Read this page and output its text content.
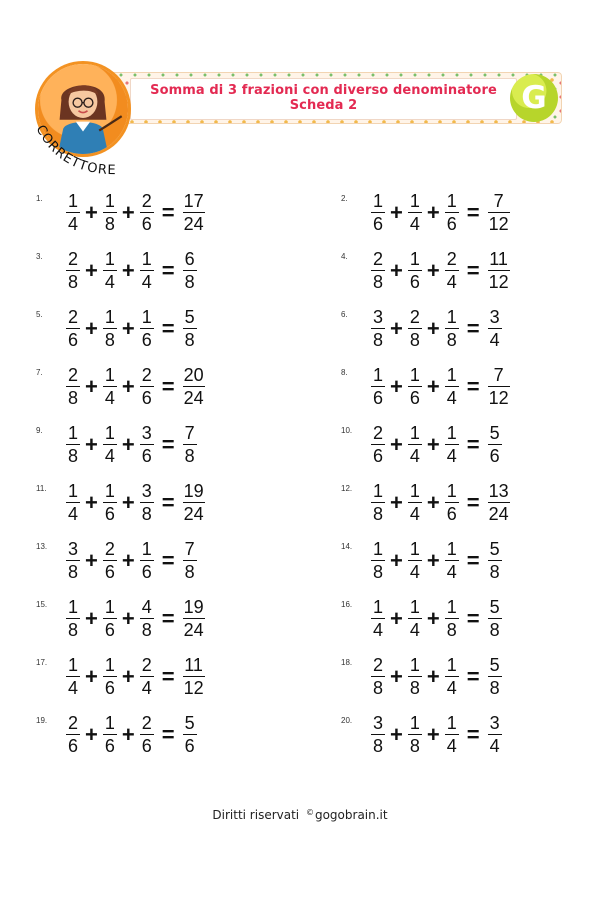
Somma di 3 frazioni con diverso denominatore
Scheda 2
CORRETTORE
G
1.	$\frac{1}{4} + \frac{1}{8} + \frac{2}{6} = \frac{17}{24}$	2.	$\frac{1}{6} + \frac{1}{4} + \frac{1}{6} = \frac{7}{12}$
3.	$\frac{2}{8} + \frac{1}{4} + \frac{1}{4} = \frac{6}{8}$	4.	$\frac{2}{8} + \frac{1}{6} + \frac{2}{4} = \frac{11}{12}$
5.	$\frac{2}{6} + \frac{1}{8} + \frac{1}{6} = \frac{5}{8}$	6.	$\frac{3}{8} + \frac{2}{8} + \frac{1}{8} = \frac{3}{4}$
7.	$\frac{2}{8} + \frac{1}{4} + \frac{2}{6} = \frac{20}{24}$	8.	$\frac{1}{6} + \frac{1}{6} + \frac{1}{4} = \frac{7}{12}$
9.	$\frac{1}{8} + \frac{1}{4} + \frac{3}{6} = \frac{7}{8}$	10.	$\frac{2}{6} + \frac{1}{4} + \frac{1}{4} = \frac{5}{6}$
11.	$\frac{1}{4} + \frac{1}{6} + \frac{3}{8} = \frac{19}{24}$	12.	$\frac{1}{8} + \frac{1}{4} + \frac{1}{6} = \frac{13}{24}$
13.	$\frac{3}{8} + \frac{2}{6} + \frac{1}{6} = \frac{7}{8}$	14.	$\frac{1}{8} + \frac{1}{4} + \frac{1}{4} = \frac{5}{8}$
15.	$\frac{1}{8} + \frac{1}{6} + \frac{4}{8} = \frac{19}{24}$	16.	$\frac{1}{4} + \frac{1}{4} + \frac{1}{8} = \frac{5}{8}$
17.	$\frac{1}{4} + \frac{1}{6} + \frac{2}{4} = \frac{11}{12}$	18.	$\frac{2}{8} + \frac{1}{8} + \frac{1}{4} = \frac{5}{8}$
19.	$\frac{2}{6} + \frac{1}{6} + \frac{2}{6} = \frac{5}{6}$	20.	$\frac{3}{8} + \frac{1}{8} + \frac{1}{4} = \frac{3}{4}$
Diritti riservati ©gogobrain.it
